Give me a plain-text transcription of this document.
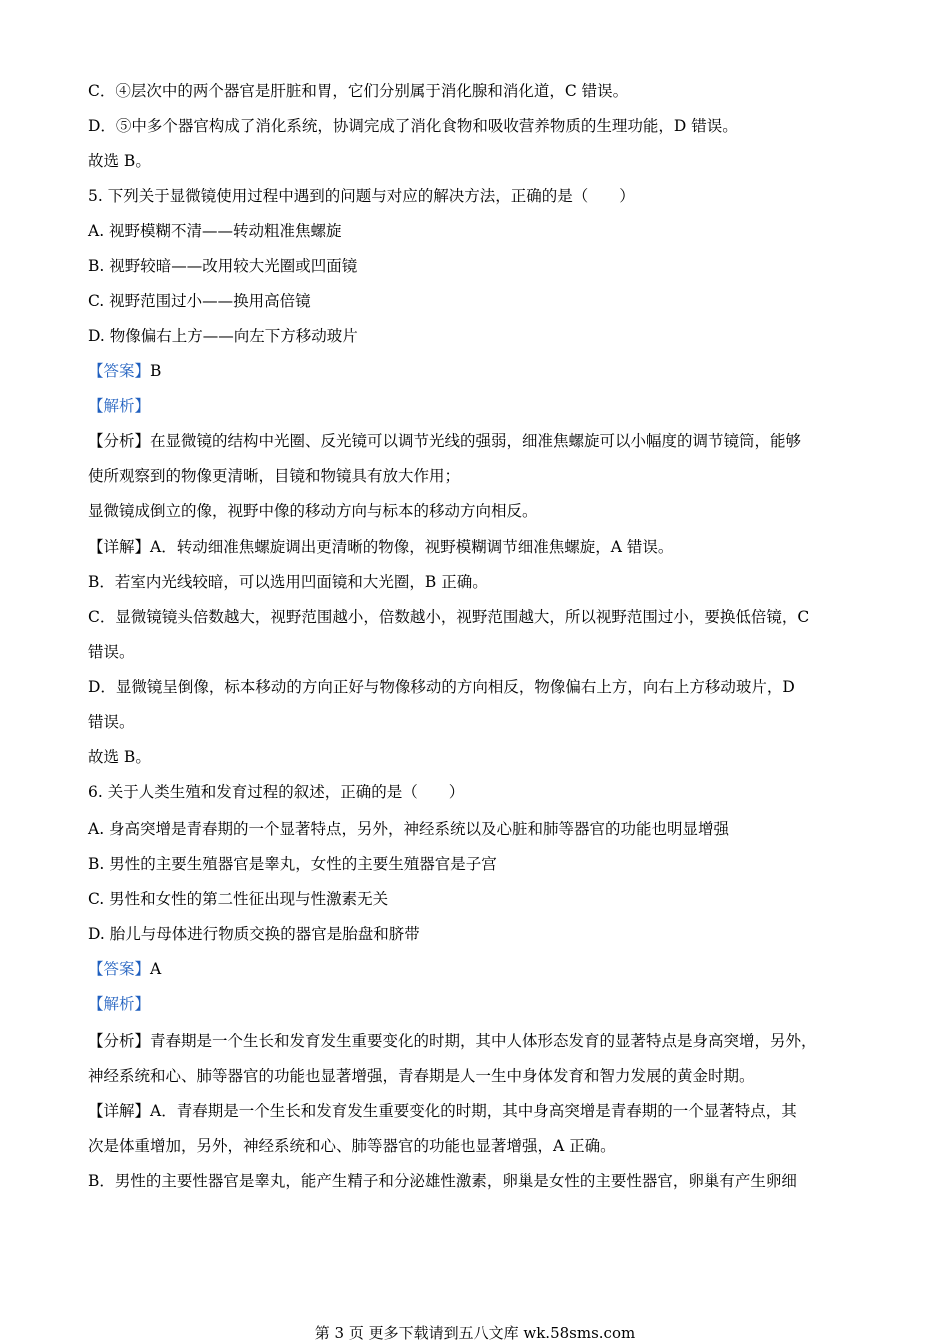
C．④层次中的两个器官是肝脏和胃，它们分别属于消化腺和消化道，C 错误。
D．⑤中多个器官构成了消化系统，协调完成了消化食物和吸收营养物质的生理功能，D 错误。
故选 B。
5. 下列关于显微镜使用过程中遇到的问题与对应的解决方法，正确的是（　　）
A. 视野模糊不清——转动粗准焦螺旋
B. 视野较暗——改用较大光圈或凹面镜
C. 视野范围过小——换用高倍镜
D. 物像偏右上方——向左下方移动玻片
【答案】B
【解析】
【分析】在显微镜的结构中光圈、反光镜可以调节光线的强弱，细准焦螺旋可以小幅度的调节镜筒，能够
使所观察到的物像更清晰，目镜和物镜具有放大作用；
显微镜成倒立的像，视野中像的移动方向与标本的移动方向相反。
【详解】A．转动细准焦螺旋调出更清晰的物像，视野模糊调节细准焦螺旋，A 错误。
B．若室内光线较暗，可以选用凹面镜和大光圈，B 正确。
C．显微镜镜头倍数越大，视野范围越小，倍数越小，视野范围越大，所以视野范围过小，要换低倍镜，C
错误。
D．显微镜呈倒像，标本移动的方向正好与物像移动的方向相反，物像偏右上方，向右上方移动玻片，D
错误。
故选 B。
6. 关于人类生殖和发育过程的叙述，正确的是（　　）
A. 身高突增是青春期的一个显著特点，另外，神经系统以及心脏和肺等器官的功能也明显增强
B. 男性的主要生殖器官是睾丸，女性的主要生殖器官是子宫
C. 男性和女性的第二性征出现与性激素无关
D. 胎儿与母体进行物质交换的器官是胎盘和脐带
【答案】A
【解析】
【分析】青春期是一个生长和发育发生重要变化的时期，其中人体形态发育的显著特点是身高突增，另外，
神经系统和心、肺等器官的功能也显著增强，青春期是人一生中身体发育和智力发展的黄金时期。
【详解】A．青春期是一个生长和发育发生重要变化的时期，其中身高突增是青春期的一个显著特点，其
次是体重增加，另外，神经系统和心、肺等器官的功能也显著增强，A 正确。
B．男性的主要性器官是睾丸，能产生精子和分泌雄性激素，卵巢是女性的主要性器官，卵巢有产生卵细
第 3 页 更多下载请到五八文库 wk.58sms.com
